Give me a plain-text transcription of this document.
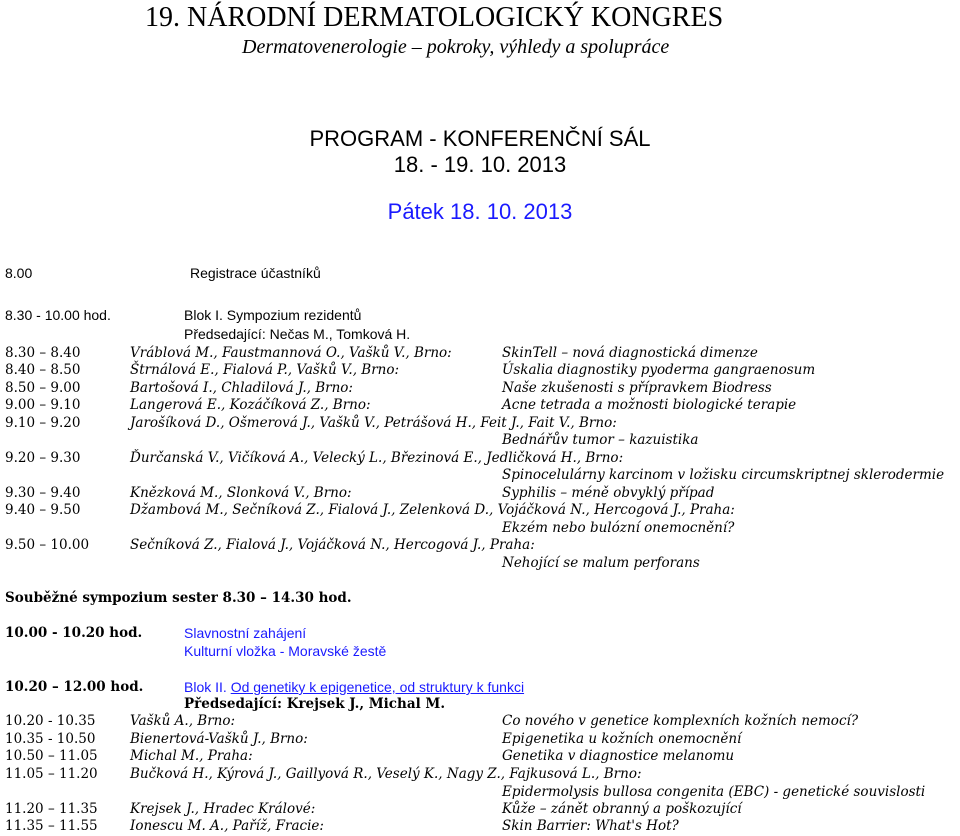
19. NÁRODNÍ DERMATOLOGICKÝ KONGRES
Dermatovenerologie – pokroky, výhledy a spolupráce
PROGRAM - KONFERENČNÍ SÁL
18. - 19. 10. 2013
Pátek 18. 10. 2013
8.00	Registrace účastníků
8.30 - 10.00 hod.	Blok I. Sympozium rezidentů
Předsedající: Nečas M., Tomková H.
8.30 – 8.40	Vráblová M., Faustmannová O., Vašků V., Brno:	SkinTell – nová diagnostická dimenze
8.40 – 8.50	Štrnálová E., Fialová P., Vašků V., Brno:	Úskalia diagnostiky pyoderma gangraenosum
8.50 – 9.00	Bartošová I., Chladilová J., Brno:	Naše zkušenosti s přípravkem Biodress
9.00 – 9.10	Langerová E., Kozáčíková Z., Brno:	Acne tetrada a možnosti biologické terapie
9.10 – 9.20	Jarošíková D., Ošmerová J., Vašků V., Petrášová H., Feit J., Fait V., Brno:
Bednářův tumor – kazuistika
9.20 – 9.30	Ďurčanská V., Vičíková A., Velecký L., Březinová E., Jedličková H., Brno:
Spinocelulárny karcinom v ložisku circumskriptnej sklerodermie
9.30 – 9.40	Knězková M., Slonková V., Brno:	Syphilis – méně obvyklý případ
9.40 – 9.50	Džambová M., Sečníková Z., Fialová J., Zelenková D., Vojáčková N., Hercogová J., Praha:
Ekzém nebo bulózní onemocnění?
9.50 – 10.00	Sečníková Z., Fialová J., Vojáčková N., Hercogová J., Praha:
Nehojící se malum perforans
Souběžné sympozium sester 8.30 – 14.30 hod.
10.00 - 10.20 hod.	Slavnostní zahájení
Kulturní vložka - Moravské žestě
10.20 – 12.00 hod.	Blok II. Od genetiky k epigenetice, od struktury k funkci
Předsedající: Krejsek J., Michal M.
10.20 - 10.35	Vašků A., Brno:	Co nového v genetice komplexních kožních nemocí?
10.35 - 10.50	Bienertová-Vašků J., Brno:	Epigenetika u kožních onemocnění
10.50 – 11.05 Michal M., Praha:	Genetika v diagnostice melanomu
11.05 – 11.20 Bučková H., Kýrová J., Gaillyová R., Veselý K., Nagy Z., Fajkusová L., Brno:
Epidermolysis bullosa congenita (EBC) - genetické souvislosti
11.20 – 11.35 Krejsek J., Hradec Králové:	Kůže – zánět obranný a poškozující
11.35 – 11.55 Ionescu M. A., Paříž, Fracie:	Skin Barrier: What's Hot?
